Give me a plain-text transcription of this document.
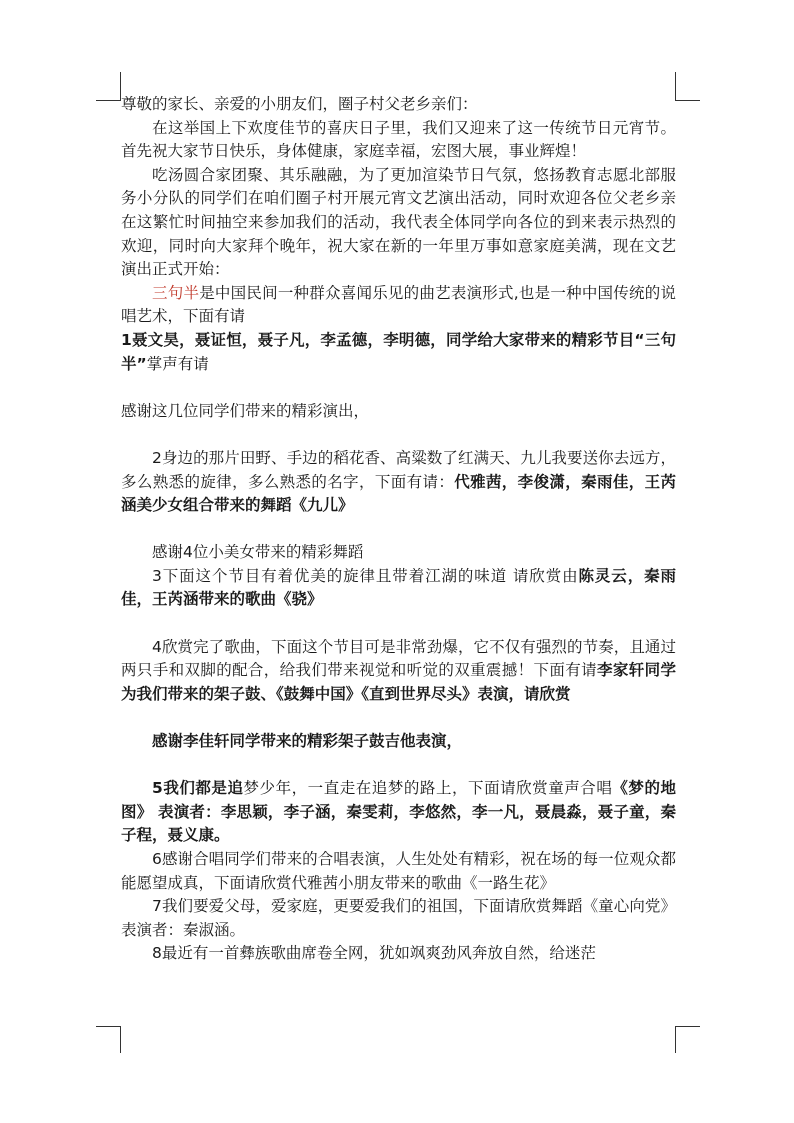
尊敬的家长、亲爱的小朋友们，圈子村父老乡亲们：

在这举国上下欢度佳节的喜庆日子里，我们又迎来了这一传统节日元宵节。首先祝大家节日快乐，身体健康，家庭幸福，宏图大展，事业辉煌！

吃汤圆合家团聚、其乐融融，为了更加渲染节日气氛，悠扬教育志愿北部服务小分队的同学们在咱们圈子村开展元宵文艺演出活动，同时欢迎各位父老乡亲在这繁忙时间抽空来参加我们的活动，我代表全体同学向各位的到来表示热烈的欢迎，同时向大家拜个晚年，祝大家在新的一年里万事如意家庭美满，现在文艺演出正式开始：

三句半是中国民间一种群众喜闻乐见的曲艺表演形式,也是一种中国传统的说唱艺术，下面有请

1聂文昊，聂证恒，聂子凡，李孟德，李明德，同学给大家带来的精彩节目“三句半”掌声有请

感谢这几位同学们带来的精彩演出，

2身边的那片田野、手边的稻花香、高粱数了红满天、九儿我要送你去远方，多么熟悉的旋律，多么熟悉的名字，下面有请：代雅茜，李俊潇，秦雨佳，王芮涵美少女组合带来的舞蹈《九儿》

感谢4位小美女带来的精彩舞蹈

3下面这个节目有着优美的旋律且带着江湖的味道 请欣赏由陈灵云，秦雨佳，王芮涵带来的歌曲《骁》

4欣赏完了歌曲，下面这个节目可是非常劲爆，它不仅有强烈的节奏，且通过两只手和双脚的配合，给我们带来视觉和听觉的双重震撼！下面有请李家轩同学为我们带来的架子鼓、《鼓舞中国》《直到世界尽头》表演，请欣赏

感谢李佳轩同学带来的精彩架子鼓吉他表演，

5我们都是追梦少年，一直走在追梦的路上，下面请欣赏童声合唱《梦的地图》 表演者：李思颖，李子涵，秦雯莉，李悠然，李一凡，聂晨淼，聂子童，秦子程，聂义康。

6感谢合唱同学们带来的合唱表演，人生处处有精彩，祝在场的每一位观众都能愿望成真，下面请欣赏代雅茜小朋友带来的歌曲《一路生花》

7我们要爱父母，爱家庭，更要爱我们的祖国，下面请欣赏舞蹈《童心向党》表演者：秦淑涵。

8最近有一首彝族歌曲席卷全网，犹如飒爽劲风奔放自然，给迷茫
